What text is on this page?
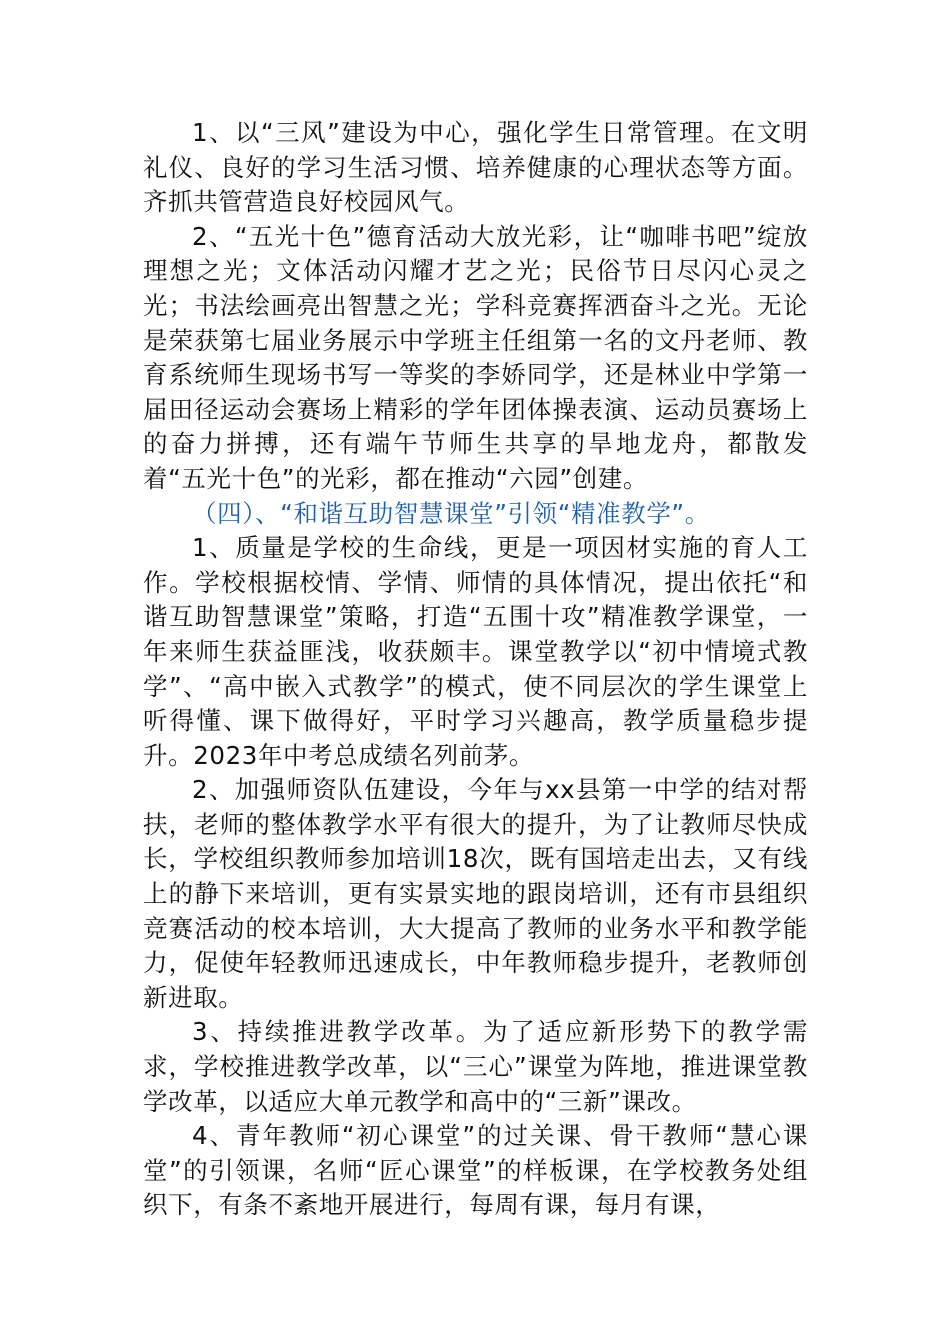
1、以“三风”建设为中心，强化学生日常管理。在文明礼仪、良好的学习生活习惯、培养健康的心理状态等方面。齐抓共管营造良好校园风气。

2、“五光十色”德育活动大放光彩，让“咖啡书吧”绽放理想之光；文体活动闪耀才艺之光；民俗节日尽闪心灵之光；书法绘画亮出智慧之光；学科竞赛挥洒奋斗之光。无论是荣获第七届业务展示中学班主任组第一名的文丹老师、教育系统师生现场书写一等奖的李娇同学，还是林业中学第一届田径运动会赛场上精彩的学年团体操表演、运动员赛场上的奋力拼搏，还有端午节师生共享的旱地龙舟，都散发着“五光十色”的光彩，都在推动“六园”创建。

（四）、“和谐互助智慧课堂”引领“精准教学”。

1、质量是学校的生命线，更是一项因材实施的育人工作。学校根据校情、学情、师情的具体情况，提出依托“和谐互助智慧课堂”策略，打造“五围十攻”精准教学课堂，一年来师生获益匪浅，收获颇丰。课堂教学以“初中情境式教学”、“高中嵌入式教学”的模式，使不同层次的学生课堂上听得懂、课下做得好，平时学习兴趣高，教学质量稳步提升。2023年中考总成绩名列前茅。

2、加强师资队伍建设，今年与xx县第一中学的结对帮扶，老师的整体教学水平有很大的提升，为了让教师尽快成长，学校组织教师参加培训18次，既有国培走出去，又有线上的静下来培训，更有实景实地的跟岗培训，还有市县组织竞赛活动的校本培训，大大提高了教师的业务水平和教学能力，促使年轻教师迅速成长，中年教师稳步提升，老教师创新进取。

3、持续推进教学改革。为了适应新形势下的教学需求，学校推进教学改革，以“三心”课堂为阵地，推进课堂教学改革，以适应大单元教学和高中的“三新”课改。

4、青年教师“初心课堂”的过关课、骨干教师“慧心课堂”的引领课，名师“匠心课堂”的样板课，在学校教务处组织下，有条不紊地开展进行，每周有课，每月有课，
